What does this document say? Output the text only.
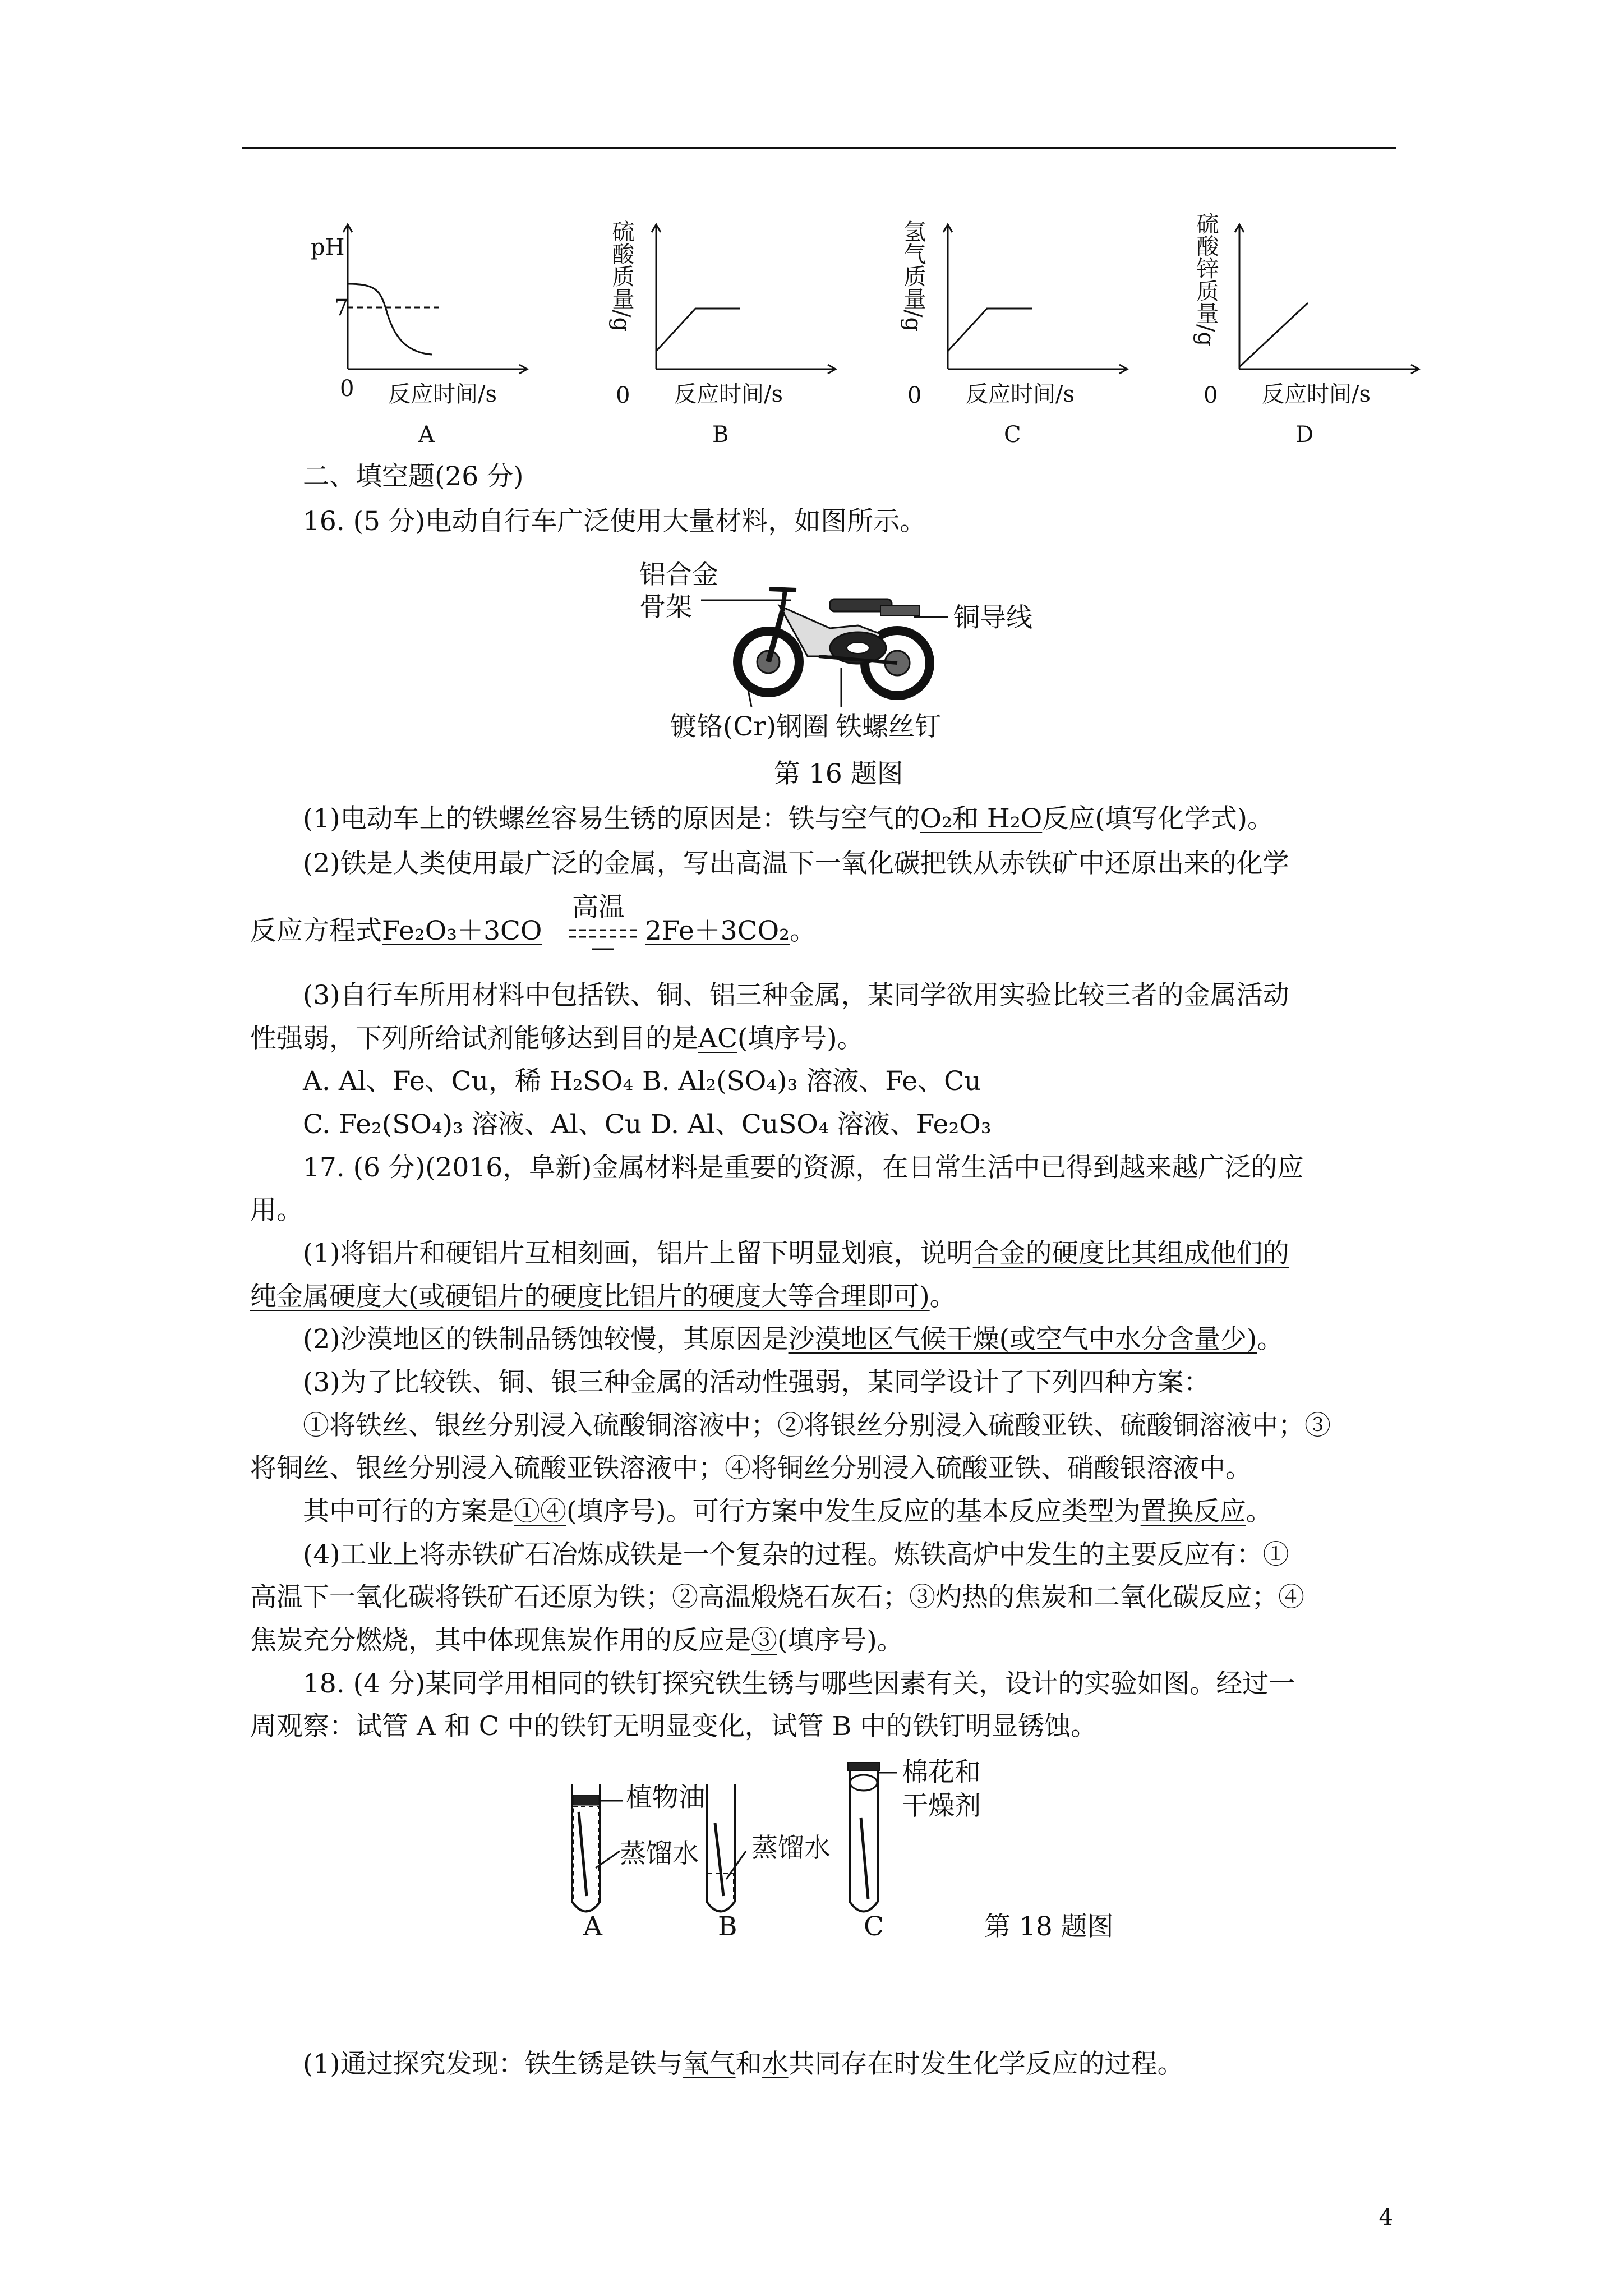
pH
7
0 反应时间/s
A
0 反应时间/s
B
硫酸质量/g
0 反应时间/s
C
氢气质量/g
0 反应时间/s
D
硫酸锌质量/g
二、填空题(26 分)
16. (5 分)电动自行车广泛使用大量材料，如图所示。
铝合金
骨架	铜导线
镀铬(Cr)钢圈 铁螺丝钉
第 16 题图
(1)电动车上的铁螺丝容易生锈的原因是：铁与空气的O₂和 H₂O反应(填写化学式)。
(2)铁是人类使用最广泛的金属，写出高温下一氧化碳把铁从赤铁矿中还原出来的化学
反应方程式Fe₂O₃＋3CO
高温
2Fe＋3CO₂。
(3)自行车所用材料中包括铁、铜、铝三种金属，某同学欲用实验比较三者的金属活动
性强弱，下列所给试剂能够达到目的是AC(填序号)。
A. Al、Fe、Cu，稀 H₂SO₄ B. Al₂(SO₄)₃ 溶液、Fe、Cu
C. Fe₂(SO₄)₃ 溶液、Al、Cu D. Al、CuSO₄ 溶液、Fe₂O₃
17. (6 分)(2016，阜新)金属材料是重要的资源，在日常生活中已得到越来越广泛的应
用。
(1)将铝片和硬铝片互相刻画，铝片上留下明显划痕，说明合金的硬度比其组成他们的
纯金属硬度大(或硬铝片的硬度比铝片的硬度大等合理即可)。
(2)沙漠地区的铁制品锈蚀较慢，其原因是沙漠地区气候干燥(或空气中水分含量少)。
(3)为了比较铁、铜、银三种金属的活动性强弱，某同学设计了下列四种方案：
①将铁丝、银丝分别浸入硫酸铜溶液中；②将银丝分别浸入硫酸亚铁、硫酸铜溶液中；③
将铜丝、银丝分别浸入硫酸亚铁溶液中；④将铜丝分别浸入硫酸亚铁、硝酸银溶液中。
其中可行的方案是①④(填序号)。可行方案中发生反应的基本反应类型为置换反应。
(4)工业上将赤铁矿石冶炼成铁是一个复杂的过程。炼铁高炉中发生的主要反应有：①
高温下一氧化碳将铁矿石还原为铁；②高温煅烧石灰石；③灼热的焦炭和二氧化碳反应；④
焦炭充分燃烧，其中体现焦炭作用的反应是③(填序号)。
18. (4 分)某同学用相同的铁钉探究铁生锈与哪些因素有关，设计的实验如图。经过一
周观察：试管 A 和 C 中的铁钉无明显变化，试管 B 中的铁钉明显锈蚀。
植物油
蒸馏水 蒸馏水
棉花和
干燥剂
A	B	C	第 18 题图
(1)通过探究发现：铁生锈是铁与氧气和水共同存在时发生化学反应的过程。
4
